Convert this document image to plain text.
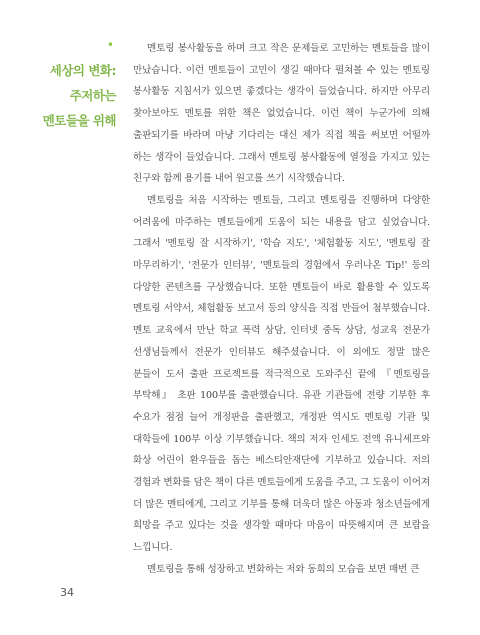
•
세상의 변화:
주저하는
멘토들을 위해

멘토링 봉사활동을 하며 크고 작은 문제들로 고민하는 멘토들을 많이 만났습니다. 이런 멘토들이 고민이 생길 때마다 펼쳐볼 수 있는 멘토링 봉사활동 지침서가 있으면 좋겠다는 생각이 들었습니다. 하지만 아무리 찾아보아도 멘토를 위한 책은 없었습니다. 이런 책이 누군가에 의해 출판되기를 바라며 마냥 기다리는 대신 제가 직접 책을 써보면 어떨까 하는 생각이 들었습니다. 그래서 멘토링 봉사활동에 열정을 가지고 있는 친구와 함께 용기를 내어 원고를 쓰기 시작했습니다.

멘토링을 처음 시작하는 멘토들, 그리고 멘토링을 진행하며 다양한 어려움에 마주하는 멘토들에게 도움이 되는 내용을 담고 싶었습니다. 그래서 '멘토링 잘 시작하기', '학습 지도', '체험활동 지도', '멘토링 잘 마무리하기', '전문가 인터뷰', '멘토들의 경험에서 우러나온 Tip!' 등의 다양한 콘텐츠를 구상했습니다. 또한 멘토들이 바로 활용할 수 있도록 멘토링 서약서, 체험활동 보고서 등의 양식을 직접 만들어 첨부했습니다. 멘토 교육에서 만난 학교 폭력 상담, 인터넷 중독 상담, 성교육 전문가 선생님들께서 전문가 인터뷰도 해주셨습니다. 이 외에도 정말 많은 분들이 도서 출판 프로젝트를 적극적으로 도와주신 끝에 『멘토링을 부탁해』 초판 100부를 출판했습니다. 유관 기관들에 전량 기부한 후 수요가 점점 늘어 개정판을 출판했고, 개정판 역시도 멘토링 기관 및 대학들에 100부 이상 기부했습니다. 책의 저자 인세도 전액 유니세프와 화상 어린이 환우들을 돕는 베스티안재단에 기부하고 있습니다. 저의 경험과 변화를 담은 책이 다른 멘토들에게 도움을 주고, 그 도움이 이어져 더 많은 멘티에게, 그리고 기부를 통해 더욱더 많은 아동과 청소년들에게 희망을 주고 있다는 것을 생각할 때마다 마음이 따뜻해지며 큰 보람을 느낍니다.

멘토링을 통해 성장하고 변화하는 저와 동희의 모습을 보면 매번 큰

34
